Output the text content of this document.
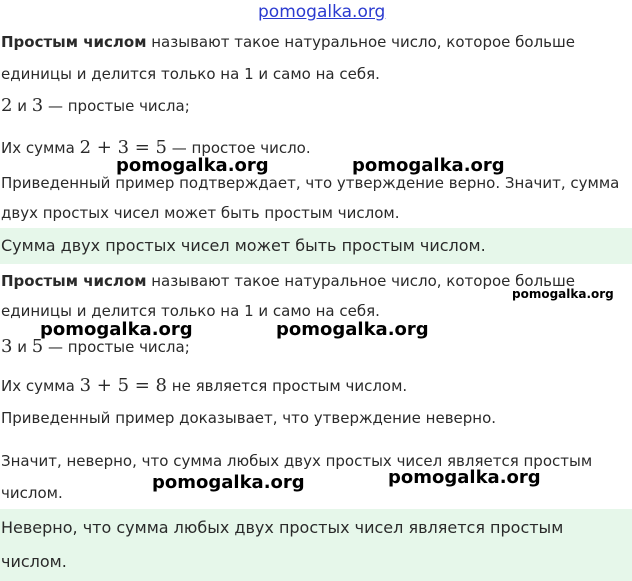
Простым числом называют такое натуральное число, которое больше
единицы и делится только на 1 и само на себя.
2 и 3 — простые числа;
Их сумма 2 + 3 = 5 — простое число.
Приведенный пример подтверждает, что утверждение верно. Значит, сумма
двух простых чисел может быть простым числом.
Сумма двух простых чисел может быть простым числом.
Простым числом называют такое натуральное число, которое больше
единицы и делится только на 1 и само на себя.
3 и 5 — простые числа;
Их сумма 3 + 5 = 8 не является простым числом.
Приведенный пример доказывает, что утверждение неверно.
Значит, неверно, что сумма любых двух простых чисел является простым
числом.
Неверно, что сумма любых двух простых чисел является простым
числом.
pomogalka.org
pomogalka.org	pomogalka.org
pomogalka.org
pomogalka.org	pomogalka.org
pomogalka.org	pomogalka.org
